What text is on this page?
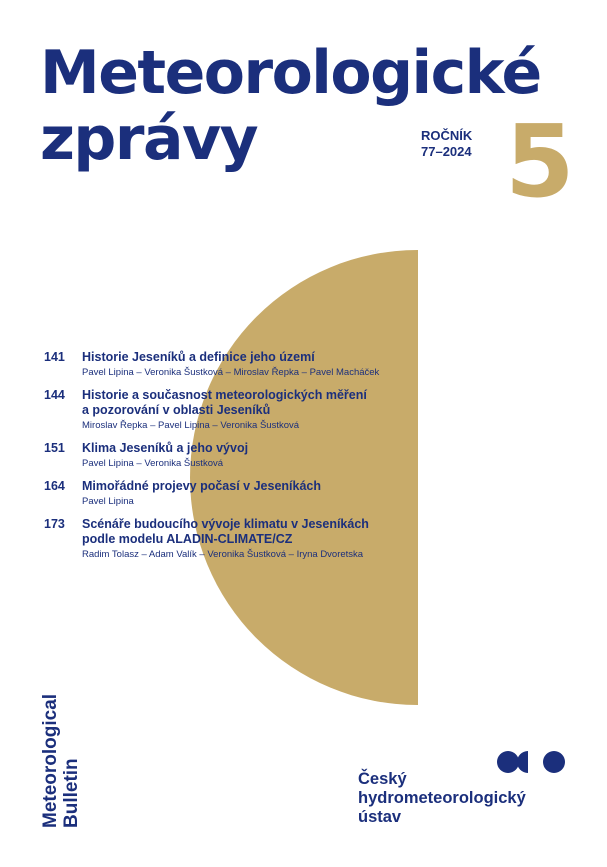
Meteorologické
zprávy	ROČNÍK
77–2024 5
141 Historie Jeseníků a definice jeho území
Pavel Lipina – Veronika Šustková – Miroslav Řepka – Pavel Macháček
144 Historie a současnost meteorologických měření
a pozorování v oblasti Jeseníků
Miroslav Řepka – Pavel Lipina – Veronika Šustková
151 Klima Jeseníků a jeho vývoj
Pavel Lipina – Veronika Šustková
164 Mimořádné projevy počasí v Jeseníkách
Pavel Lipina
173 Scénáře budoucího vývoje klimatu v Jeseníkách
podle modelu ALADIN-CLIMATE/CZ
Radim Tolasz – Adam Valík – Veronika Šustková – Iryna Dvoretska
Meteorological Bulletin	Český
hydrometeorologický
ústav
